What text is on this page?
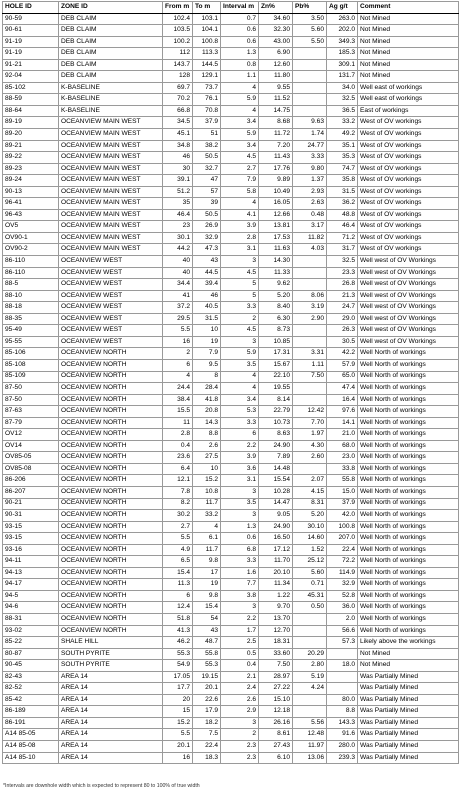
HOLE ID	ZONE ID	From m	To m	Interval m	Zn%	Pb%	Ag g/t	Comment
90-59	DEB CLAIM	102.4	103.1	0.7	34.60	3.50	263.0	Not Mined
90-61	DEB CLAIM	103.5	104.1	0.6	32.30	5.60	202.0	Not Mined
91-19	DEB CLAIM	100.2	100.8	0.6	43.00	5.50	349.3	Not Mined
91-19	DEB CLAIM	112	113.3	1.3	6.90		185.3	Not Mined
91-21	DEB CLAIM	143.7	144.5	0.8	12.60		309.1	Not Mined
92-04	DEB CLAIM	128	129.1	1.1	11.80		131.7	Not Mined
85-102	K-BASELINE	69.7	73.7	4	9.55		34.0	Well east of workings
88-59	K-BASELINE	70.2	76.1	5.9	11.52		32.5	Well east of workings
88-64	K-BASELINE	66.8	70.8	4	14.75		36.5	East of workings
89-19	OCEANVIEW MAIN WEST	34.5	37.9	3.4	8.68	9.63	33.2	West of OV workings
89-20	OCEANVIEW MAIN WEST	45.1	51	5.9	11.72	1.74	49.2	West of OV workings
89-21	OCEANVIEW MAIN WEST	34.8	38.2	3.4	7.20	24.77	35.1	West of OV workings
89-22	OCEANVIEW MAIN WEST	46	50.5	4.5	11.43	3.33	35.3	West of OV workings
89-23	OCEANVIEW MAIN WEST	30	32.7	2.7	17.76	9.80	74.7	West of OV workings
89-24	OCEANVIEW MAIN WEST	39.1	47	7.9	9.89	1.37	35.8	West of OV workings
90-13	OCEANVIEW MAIN WEST	51.2	57	5.8	10.49	2.93	31.5	West of OV workings
96-41	OCEANVIEW MAIN WEST	35	39	4	16.05	2.63	36.2	West of OV workings
96-43	OCEANVIEW MAIN WEST	46.4	50.5	4.1	12.66	0.48	48.8	West of OV workings
OV5	OCEANVIEW MAIN WEST	23	26.9	3.9	13.81	3.17	46.4	West of OV workings
OV90-1	OCEANVIEW MAIN WEST	30.1	32.9	2.8	17.53	11.82	71.2	West of OV workings
OV90-2	OCEANVIEW MAIN WEST	44.2	47.3	3.1	11.63	4.03	31.7	West of OV workings
86-110	OCEANVIEW WEST	40	43	3	14.30		32.5	Well west of OV Workings
86-110	OCEANVIEW WEST	40	44.5	4.5	11.33		23.3	Well west of OV Workings
88-5	OCEANVIEW WEST	34.4	39.4	5	9.62		26.8	Well west of OV Workings
88-10	OCEANVIEW WEST	41	46	5	5.20	8.06	21.3	Well west of OV Workings
88-18	OCEANVIEW WEST	37.2	40.5	3.3	8.40	3.19	24.7	Well west of OV Workings
88-35	OCEANVIEW WEST	29.5	31.5	2	6.30	2.90	29.0	Well west of OV Workings
95-49	OCEANVIEW WEST	5.5	10	4.5	8.73		26.3	Well west of OV Workings
95-55	OCEANVIEW WEST	16	19	3	10.85		30.5	Well west of OV Workings
85-106	OCEANVIEW NORTH	2	7.9	5.9	17.31	3.31	42.2	Well North of workings
85-108	OCEANVIEW NORTH	6	9.5	3.5	15.67	1.11	57.9	Well North of workings
85-109	OCEANVIEW NORTH	4	8	4	22.10	7.50	65.0	Well North of workings
87-50	OCEANVIEW NORTH	24.4	28.4	4	19.55		47.4	Well North of workings
87-50	OCEANVIEW NORTH	38.4	41.8	3.4	8.14		16.4	Well North of workings
87-63	OCEANVIEW NORTH	15.5	20.8	5.3	22.79	12.42	97.6	Well North of workings
87-79	OCEANVIEW NORTH	11	14.3	3.3	10.73	7.70	14.1	Well North of workings
OV12	OCEANVIEW NORTH	2.8	8.8	6	8.63	1.97	21.0	Well North of workings
OV14	OCEANVIEW NORTH	0.4	2.6	2.2	24.90	4.30	68.0	Well North of workings
OV85-05	OCEANVIEW NORTH	23.6	27.5	3.9	7.89	2.60	23.0	Well North of workings
OV85-08	OCEANVIEW NORTH	6.4	10	3.6	14.48		33.8	Well North of workings
86-206	OCEANVIEW NORTH	12.1	15.2	3.1	15.54	2.07	55.8	Well North of workings
86-207	OCEANVIEW NORTH	7.8	10.8	3	10.28	4.15	15.0	Well North of workings
90-21	OCEANVIEW NORTH	8.2	11.7	3.5	14.47	8.31	37.9	Well North of workings
90-31	OCEANVIEW NORTH	30.2	33.2	3	9.05	5.20	42.0	Well North of workings
93-15	OCEANVIEW NORTH	2.7	4	1.3	24.90	30.10	100.8	Well North of workings
93-15	OCEANVIEW NORTH	5.5	6.1	0.6	16.50	14.60	207.0	Well North of workings
93-16	OCEANVIEW NORTH	4.9	11.7	6.8	17.12	1.52	22.4	Well North of workings
94-11	OCEANVIEW NORTH	6.5	9.8	3.3	11.70	25.12	72.2	Well North of workings
94-13	OCEANVIEW NORTH	15.4	17	1.6	20.10	5.60	114.9	Well North of workings
94-17	OCEANVIEW NORTH	11.3	19	7.7	11.34	0.71	32.9	Well North of workings
94-5	OCEANVIEW NORTH	6	9.8	3.8	1.22	45.31	52.8	Well North of workings
94-6	OCEANVIEW NORTH	12.4	15.4	3	9.70	0.50	36.0	Well North of workings
88-31	OCEANVIEW NORTH	51.8	54	2.2	13.70		2.0	Well North of workings
93-02	OCEANVIEW NORTH	41.3	43	1.7	12.70		56.6	Well North of workings
85-22	SHALE HILL	46.2	48.7	2.5	18.31		57.3	Likely above the workings
80-87	SOUTH PYRITE	55.3	55.8	0.5	33.60	20.29		Not Mined
90-45	SOUTH PYRITE	54.9	55.3	0.4	7.50	2.80	18.0	Not Mined
82-43	AREA 14	17.05	19.15	2.1	28.97	5.19		Was Partially Mined
82-52	AREA 14	17.7	20.1	2.4	27.22	4.24		Was Partially Mined
85-42	AREA 14	20	22.6	2.6	15.10		80.0	Was Partially Mined
86-189	AREA 14	15	17.9	2.9	12.18		8.8	Was Partially Mined
86-191	AREA 14	15.2	18.2	3	26.16	5.56	143.3	Was Partially Mined
A14 85-05	AREA 14	5.5	7.5	2	8.61	12.48	91.6	Was Partially Mined
A14 85-08	AREA 14	20.1	22.4	2.3	27.43	11.97	280.0	Was Partially Mined
A14 85-10	AREA 14	16	18.3	2.3	6.10	13.06	239.3	Was Partially Mined
*Intervals are downhole width which is expected to represent 80 to 100% of true width
